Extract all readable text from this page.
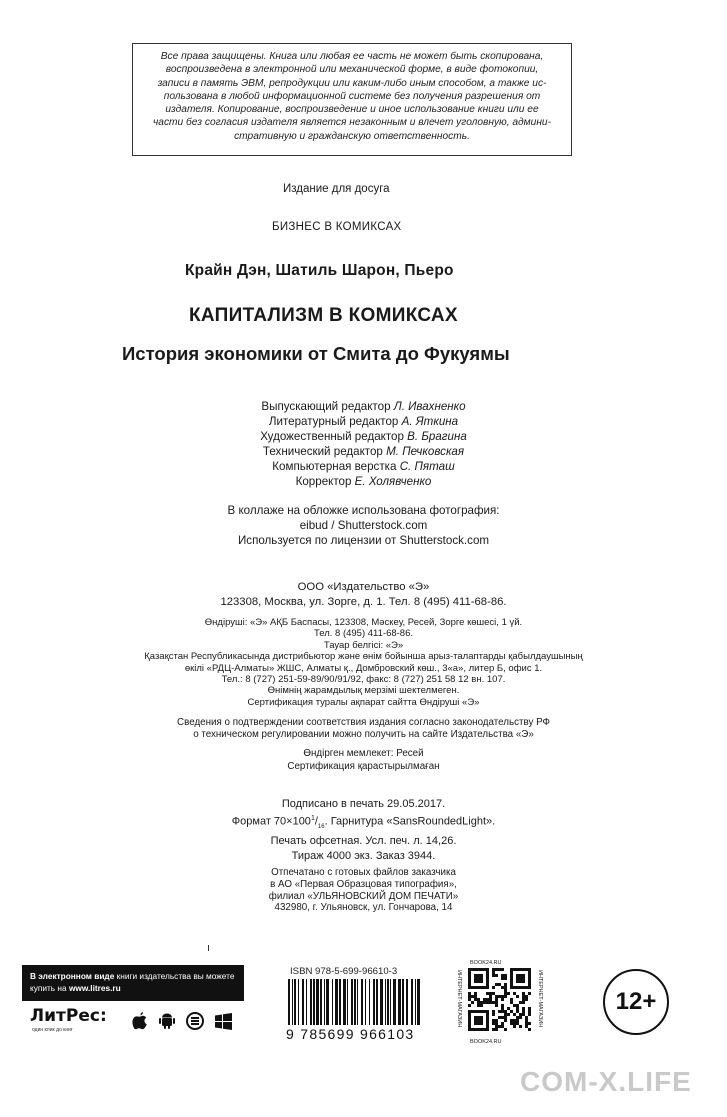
Все права защищены. Книга или любая ее часть не может быть скопирована,
воспроизведена в электронной или механической форме, в виде фотокопии,
записи в память ЭВМ, репродукции или каким-либо иным способом, а также ис-
пользована в любой информационной системе без получения разрешения от
издателя. Копирование, воспроизведение и иное использование книги или ее
части без согласия издателя является незаконным и влечет уголовную, админи-
стративную и гражданскую ответственность.
Издание для досуга
БИЗНЕС В КОМИКСАХ
Крайн Дэн, Шатиль Шарон, Пьеро
КАПИТАЛИЗМ В КОМИКСАХ
История экономики от Смита до Фукуямы
Выпускающий редактор Л. Ивахненко
Литературный редактор А. Яткина
Художественный редактор В. Брагина
Технический редактор М. Печковская
Компьютерная верстка С. Пяташ
Корректор Е. Холявченко
В коллаже на обложке использована фотография:
eibud / Shutterstock.com
Используется по лицензии от Shutterstock.com
ООО «Издательство «Э»
123308, Москва, ул. Зорге, д. 1. Тел. 8 (495) 411-68-86.
Өндіруші: «Э» АҚБ Баспасы, 123308, Мәскеу, Ресей, Зорге көшесі, 1 үй.
Тел. 8 (495) 411-68-86.
Тауар белгісі: «Э»
Қазақстан Республикасында дистрибьютор және өнім бойынша арыз-талаптарды қабылдаушының
өкілі «РДЦ-Алматы» ЖШС, Алматы қ., Домбровский көш., 3«а», литер Б, офис 1.
Тел.: 8 (727) 251-59-89/90/91/92, факс: 8 (727) 251 58 12 вн. 107.
Өнімнің жарамдылық мерзімі шектелмеген.
Сертификация туралы ақпарат сайтта Өндіруші «Э»
Сведения о подтверждении соответствия издания согласно законодательству РФ
о техническом регулировании можно получить на сайте Издательства «Э»
Өндірген мемлекет: Ресей
Сертификация қарастырылмаған
Подписано в печать 29.05.2017.
Формат $70\times 100^1/_{16}$. Гарнитура «SansRoundedLight».
Печать офсетная. Усл. печ. л. 14,26.
Тираж 4000 экз. Заказ 3944.
Отпечатано с готовых файлов заказчика
в АО «Первая Образцовая типография»,
филиал «УЛЬЯНОВСКИЙ ДОМ ПЕЧАТИ»
432980, г. Ульяновск, ул. Гончарова, 14
В электронном виде книги издательства вы можете
купить на www.litres.ru
ЛитРес:
один клик до книг
ISBN 978-5-699-96610-3
9 785699 966103
BOOK24.RU
ИНТЕРНЕТ-МАГАЗИН	ИНТЕРНЕТ-МАГАЗИН
BOOK24.RU
12+
COM-X.LIFE
